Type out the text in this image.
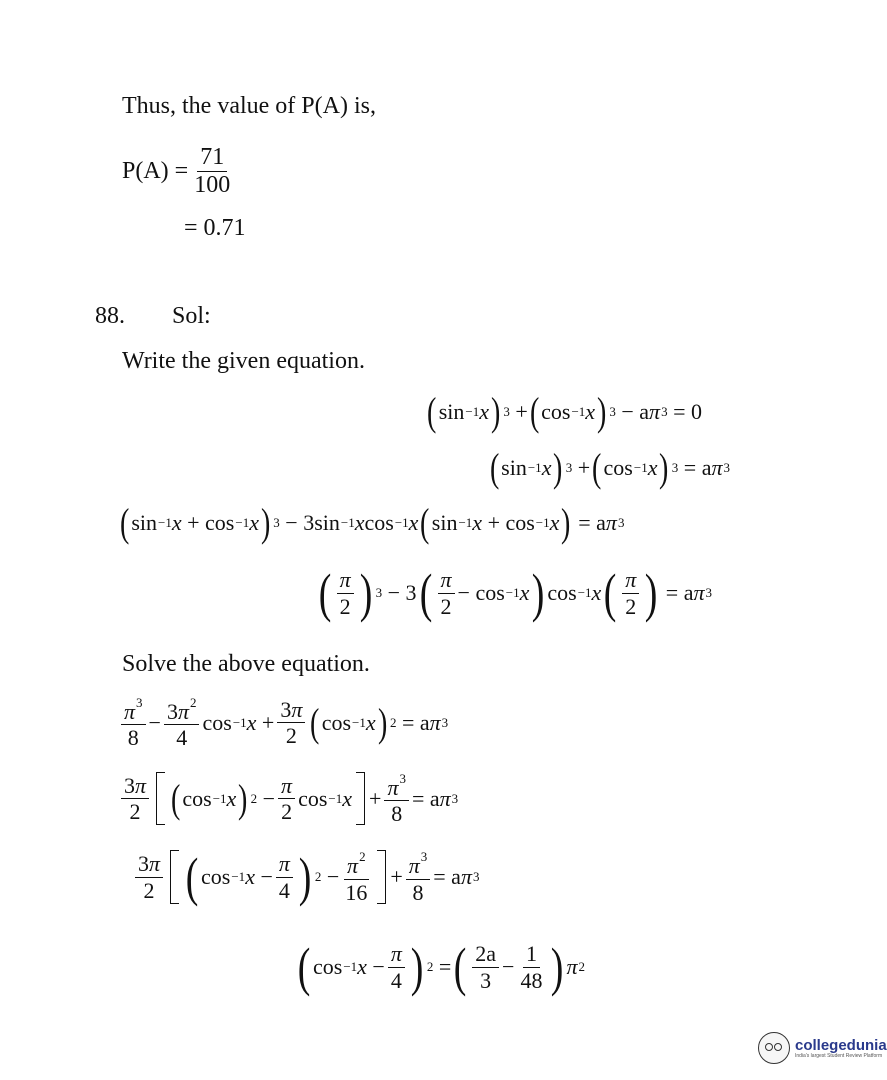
Thus, the value of P(A) is,
$P(A) = \frac{71}{100}$
= 0.71
88. Sol:
Write the given equation.
( sin −1 x ) 3 + ( cos −1 x ) 3 − a π 3 = 0
( sin −1 x ) 3 + ( cos −1 x ) 3 = a π 3
( sin −1 x + cos −1 x ) 3 − 3sin −1 x cos −1 x ( sin −1 x + cos −1 x ) = a π 3
( $\frac{\pi}{2}$ ) 3 − 3 ( $\frac{\pi}{2} - \cos -1$ x ) cos −1 x ( $\frac{\pi}{2}$ ) = a π 3
Solve the above equation.
$\frac{\pi^3}{8} - \frac{3\pi^2}{4}$ cos −1 $x + \frac{3\pi}{2}$ ( cos −1 x ) 2 = a π 3
$\frac{3\pi}{2}$ ( cos −1 x ) $2 - \frac{\pi}{2}$ cos −1 $x + \frac{\pi^3}{8} = a$ π 3
$\frac{3\pi}{2}$ ( cos −1 $x - \frac{\pi}{4}$ ) $2 - \frac{\pi^2}{16} + \frac{\pi^3}{8} = a$ π 3
( cos −1 $x - \frac{\pi}{4}$ ) 2 = ( $\frac{2a}{3} - \frac{1}{48}$ ) π 2
collegedunia
India's largest Student Review Platform
